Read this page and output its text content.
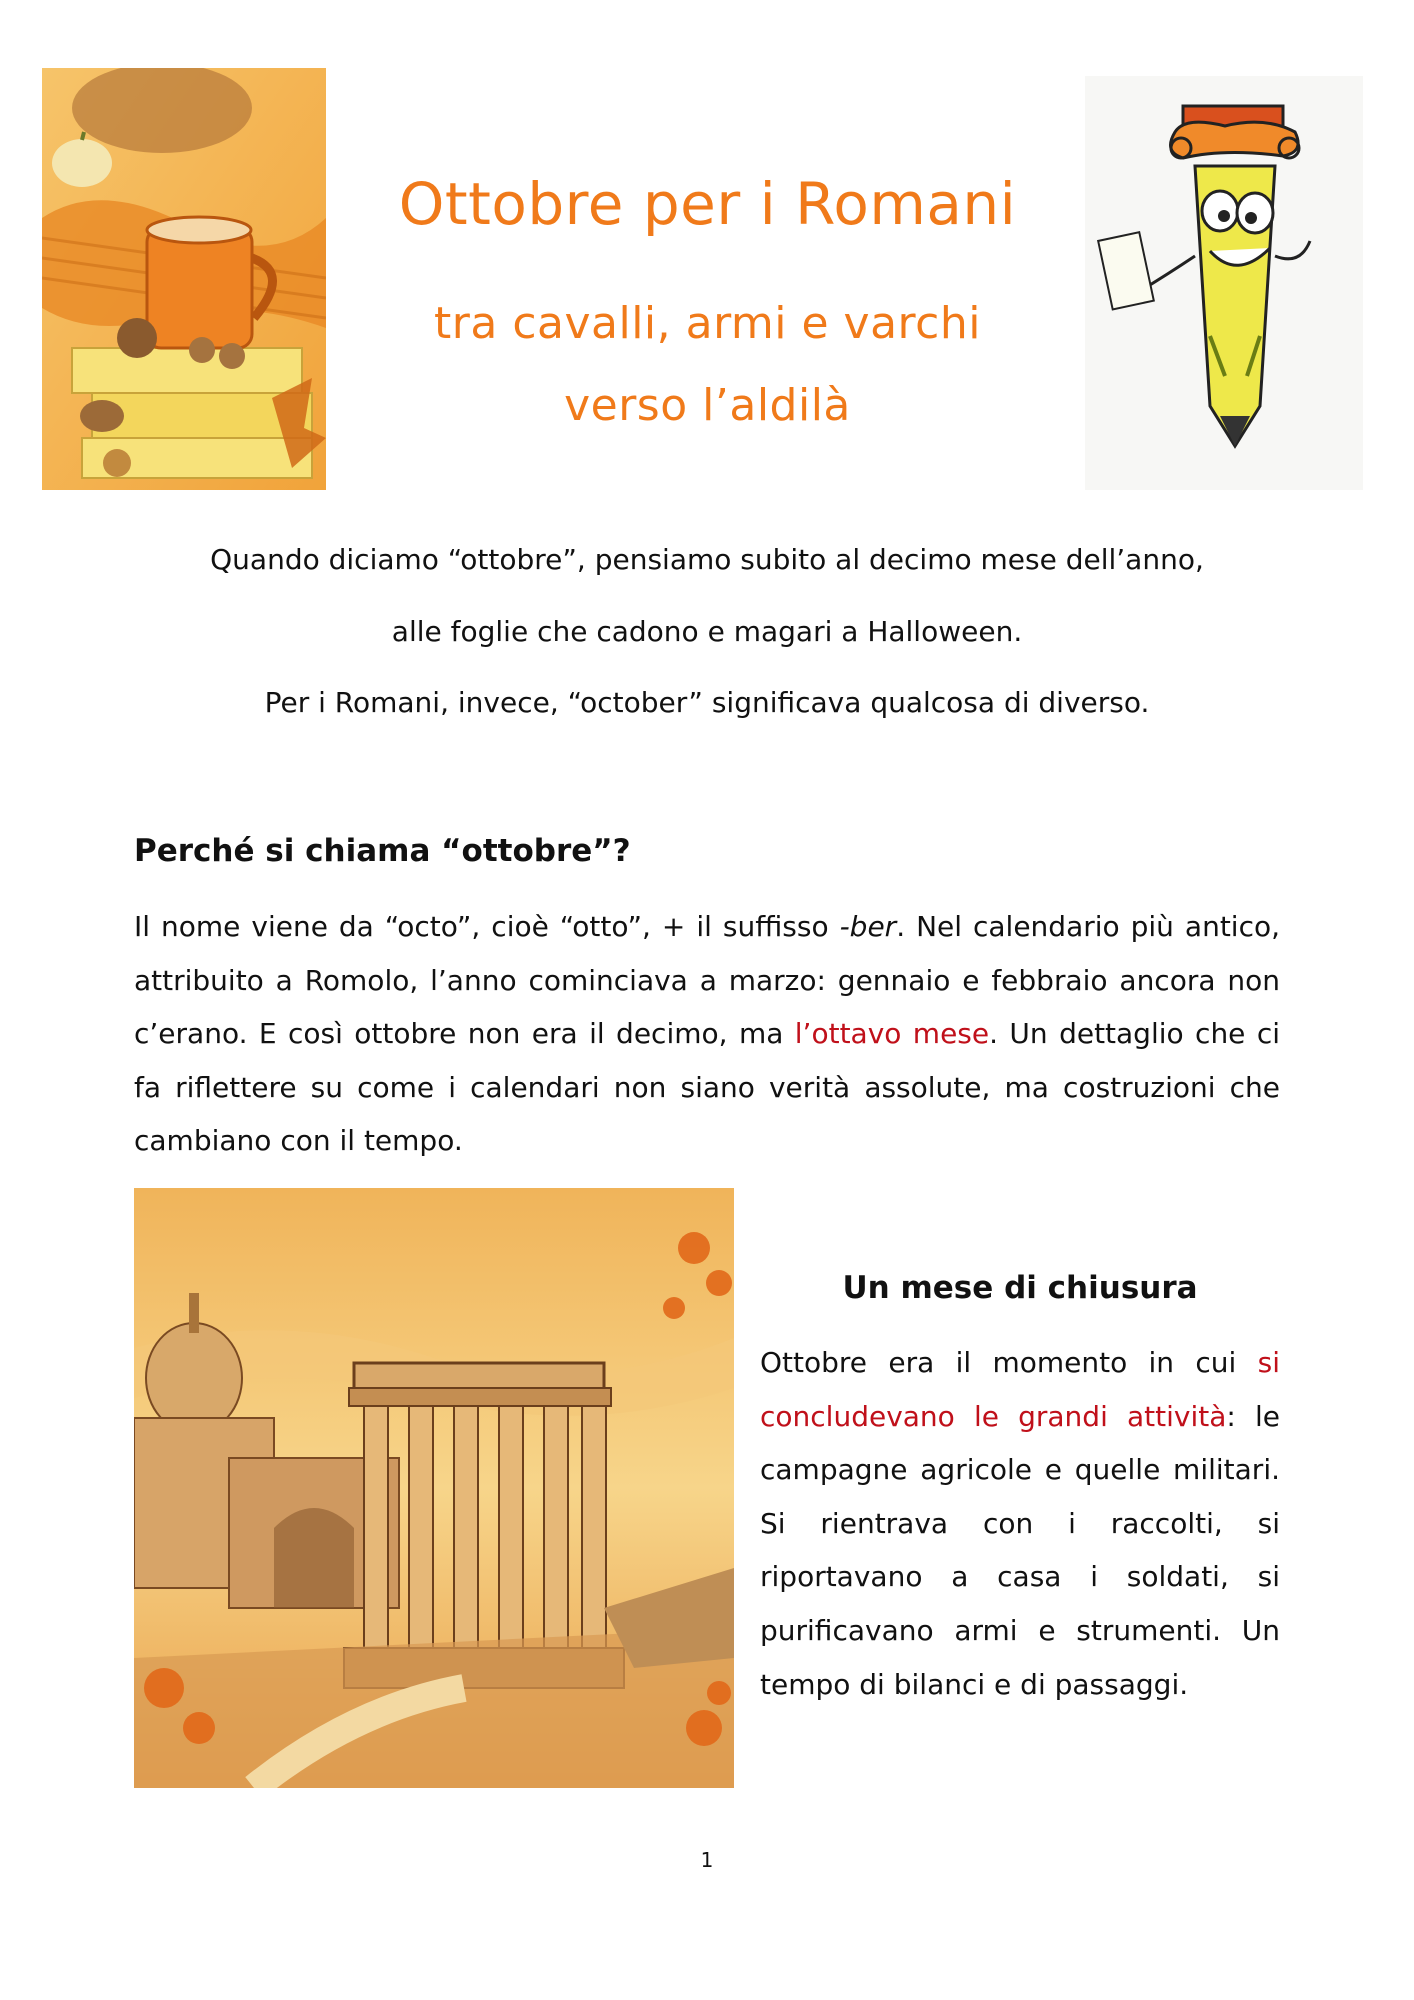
Ottobre per i Romani
tra cavalli, armi e varchi
verso l’aldilà
Quando diciamo “ottobre”, pensiamo subito al decimo mese dell’anno,
alle foglie che cadono e magari a Halloween.
Per i Romani, invece, “october” significava qualcosa di diverso.
Perché si chiama “ottobre”?
Il nome viene da “octo”, cioè “otto”, + il suffisso -ber. Nel calendario più antico, attribuito a Romolo, l’anno cominciava a marzo: gennaio e febbraio ancora non c’erano. E così ottobre non era il decimo, ma l’ottavo mese. Un dettaglio che ci fa riflettere su come i calendari non siano verità assolute, ma costruzioni che cambiano con il tempo.
Un mese di chiusura
Ottobre era il momento in cui si concludevano le grandi attività: le campagne agricole e quelle militari. Si rientrava con i raccolti, si riportavano a casa i soldati, si purificavano armi e strumenti. Un tempo di bilanci e di passaggi.
1
